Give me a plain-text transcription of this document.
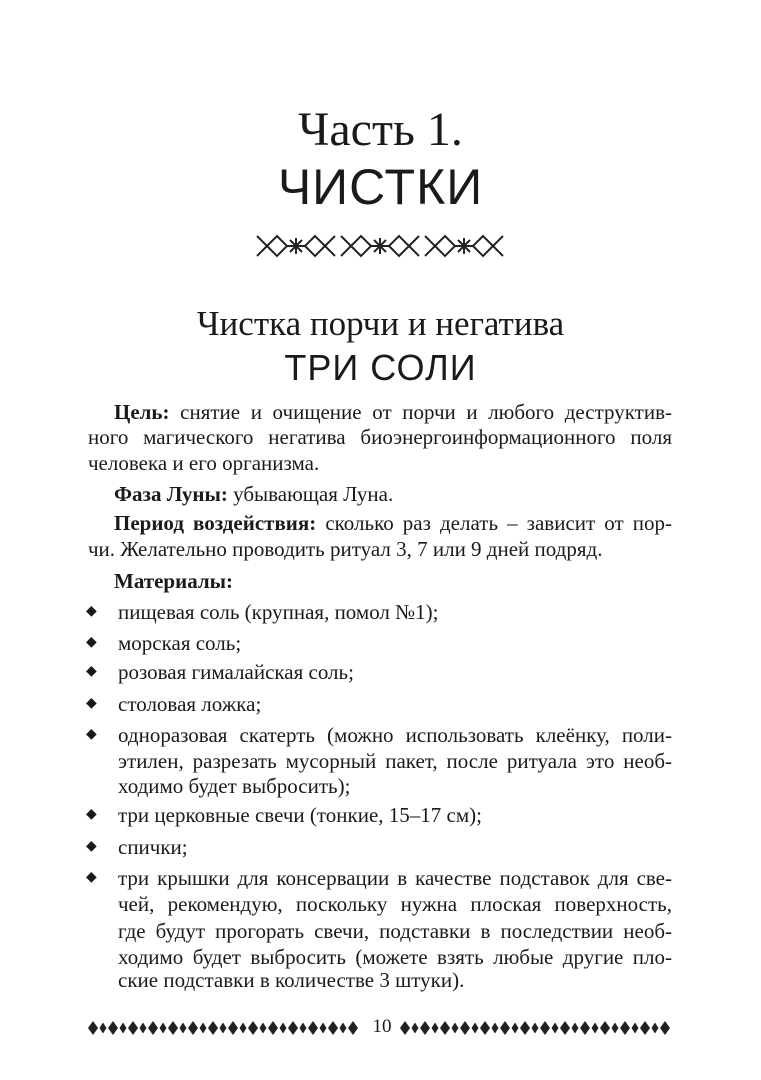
Часть 1.
ЧИСТКИ
Чистка порчи и негатива
ТРИ СОЛИ
Цель: снятие и очищение от порчи и любого деструктив-
ного магического негатива биоэнергоинформационного поля
человека и его организма.
Фаза Луны: убывающая Луна.
Период воздействия: сколько раз делать – зависит от пор-
чи. Желательно проводить ритуал 3, 7 или 9 дней подряд.
Материалы:
◆ пищевая соль (крупная, помол №1);
◆ морская соль;
◆ розовая гималайская соль;
◆ столовая ложка;
◆ одноразовая скатерть (можно использовать клеёнку, поли-
этилен, разрезать мусорный пакет, после ритуала это необ-
ходимо будет выбросить);
◆ три церковные свечи (тонкие, 15–17 см);
◆ спички;
◆ три крышки для консервации в качестве подставок для све-
чей, рекомендую, поскольку нужна плоская поверхность,
где будут прогорать свечи, подставки в последствии необ-
ходимо будет выбросить (можете взять любые другие пло-
ские подставки в количестве 3 штуки).
10
